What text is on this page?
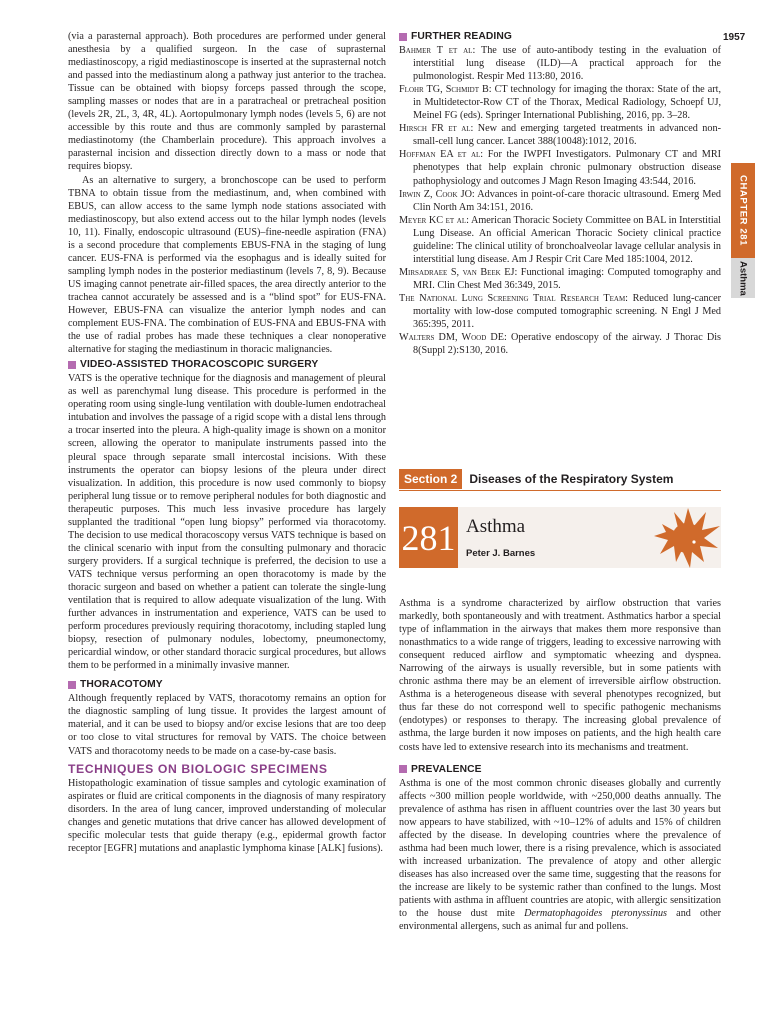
(via a parasternal approach). Both procedures are performed under general anesthesia by a qualified surgeon. In the case of suprasternal mediastinoscopy, a rigid mediastinoscope is inserted at the suprasternal notch and passed into the mediastinum along a pathway just anterior to the trachea. Tissue can be obtained with biopsy forceps passed through the scope, sampling masses or nodes that are in a paratracheal or pretracheal position (levels 2R, 2L, 3, 4R, 4L). Aortopulmonary lymph nodes (levels 5, 6) are not accessible by this route and thus are commonly sampled by parasternal mediastinotomy (the Chamberlain procedure). This approach involves a parasternal incision and dissection directly down to a mass or node that requires biopsy.

As an alternative to surgery, a bronchoscope can be used to perform TBNA to obtain tissue from the mediastinum, and, when combined with EBUS, can allow access to the same lymph node stations associated with mediastinoscopy, but also extend access out to the hilar lymph nodes (levels 10, 11). Finally, endoscopic ultrasound (EUS)–fine-needle aspiration (FNA) is a second procedure that complements EBUS-FNA in the staging of lung cancer. EUS-FNA is performed via the esophagus and is ideally suited for sampling lymph nodes in the posterior mediastinum (levels 7, 8, 9). Because US imaging cannot penetrate air-filled spaces, the area directly anterior to the trachea cannot accurately be assessed and is a “blind spot” for EUS-FNA. However, EBUS-FNA can visualize the anterior lymph nodes and can complement EUS-FNA. The combination of EUS-FNA and EBUS-FNA with the use of radial probes has made these techniques a clear nonoperative alternative for staging the mediastinum in thoracic malignancies.

VIDEO-ASSISTED THORACOSCOPIC SURGERY

VATS is the operative technique for the diagnosis and management of pleural as well as parenchymal lung disease. This procedure is performed in the operating room using single-lung ventilation with double-lumen endotracheal intubation and involves the passage of a rigid scope with a distal lens through a trocar inserted into the pleura. A high-quality image is shown on a monitor screen, allowing the operator to manipulate instruments passed into the pleural space through separate small intercostal incisions. With these instruments the operator can biopsy lesions of the pleura under direct visualization. In addition, this procedure is now used commonly to biopsy peripheral lung tissue or to remove peripheral nodules for both diagnostic and therapeutic purposes. This much less invasive procedure has largely supplanted the traditional “open lung biopsy” performed via thoracotomy. The decision to use medical thoracoscopy versus VATS technique is based on the clinical scenario with input from the consulting pulmonary and thoracic surgery providers. If a surgical technique is preferred, the decision to use a VATS technique versus performing an open thoracotomy is made by the thoracic surgeon and based on whether a patient can tolerate the single-lung ventilation that is required to allow adequate visualization of the lung. With further advances in instrumentation and experience, VATS can be used to perform procedures previously requiring thoracotomy, including stapled lung biopsy, resection of pulmonary nodules, lobectomy, pneumonectomy, pericardial window, or other standard thoracic surgical procedures, but allows them to be performed in a minimally invasive manner.

THORACOTOMY

Although frequently replaced by VATS, thoracotomy remains an option for the diagnostic sampling of lung tissue. It provides the largest amount of material, and it can be used to biopsy and/or excise lesions that are too deep or too close to vital structures for removal by VATS. The choice between VATS and thoracotomy needs to be made on a case-by-case basis.

TECHNIQUES ON BIOLOGIC SPECIMENS

Histopathologic examination of tissue samples and cytologic examination of aspirates or fluid are critical components in the diagnosis of many respiratory disorders. In the area of lung cancer, improved understanding of molecular changes and genetic mutations that drive cancer has allowed development of specific molecular tests that guide therapy (e.g., epidermal growth factor receptor [EGFR] mutations and anaplastic lymphoma kinase [ALK] fusions).

1957
CHAPTER 281
Asthma
FURTHER READING

Bahmer T et al: The use of auto-antibody testing in the evaluation of interstitial lung disease (ILD)—A practical approach for the pulmonologist. Respir Med 113:80, 2016.

Flohr TG, Schmidt B: CT technology for imaging the thorax: State of the art, in Multidetector-Row CT of the Thorax, Medical Radiology, Schoepf UJ, Meinel FG (eds). Springer International Publishing, 2016, pp. 3–28.

Hirsch FR et al: New and emerging targeted treatments in advanced non-small-cell lung cancer. Lancet 388(10048):1012, 2016.

Hoffman EA et al: For the IWPFI Investigators. Pulmonary CT and MRI phenotypes that help explain chronic pulmonary obstruction disease pathophysiology and outcomes J Magn Reson Imaging 43:544, 2016.

Irwin Z, Cook JO: Advances in point-of-care thoracic ultrasound. Emerg Med Clin North Am 34:151, 2016.

Meyer KC et al: American Thoracic Society Committee on BAL in Interstitial Lung Disease. An official American Thoracic Society clinical practice guideline: The clinical utility of bronchoalveolar lavage cellular analysis in interstitial lung disease. Am J Respir Crit Care Med 185:1004, 2012.

Mirsadraee S, van Beek EJ: Functional imaging: Computed tomography and MRI. Clin Chest Med 36:349, 2015.

The National Lung Screening Trial Research Team: Reduced lung-cancer mortality with low-dose computed tomographic screening. N Engl J Med 365:395, 2011.

Walters DM, Wood DE: Operative endoscopy of the airway. J Thorac Dis 8(Suppl 2):S130, 2016.

Section 2	Diseases of the Respiratory System
281 Asthma
Peter J. Barnes

Asthma is a syndrome characterized by airflow obstruction that varies markedly, both spontaneously and with treatment. Asthmatics harbor a special type of inflammation in the airways that makes them more responsive than nonasthmatics to a wide range of triggers, leading to excessive narrowing with consequent reduced airflow and symptomatic wheezing and dyspnea. Narrowing of the airways is usually reversible, but in some patients with chronic asthma there may be an element of irreversible airflow obstruction. Asthma is a heterogeneous disease with several phenotypes recognized, but thus far these do not correspond well to specific pathogenic mechanisms (endotypes) or responses to therapy. The increasing global prevalence of asthma, the large burden it now imposes on patients, and the high health care costs have led to extensive research into its mechanisms and treatment.

PREVALENCE

Asthma is one of the most common chronic diseases globally and currently affects ~300 million people worldwide, with ~250,000 deaths annually. The prevalence of asthma has risen in affluent countries over the last 30 years but now appears to have stabilized, with ~10–12% of adults and 15% of children affected by the disease. In developing countries where the prevalence of asthma had been much lower, there is a rising prevalence, which is associated with increased urbanization. The prevalence of atopy and other allergic diseases has also increased over the same time, suggesting that the reasons for the increase are likely to be systemic rather than confined to the lungs. Most patients with asthma in affluent countries are atopic, with allergic sensitization to the house dust mite Dermatophagoides pteronyssinus and other environmental allergens, such as animal fur and pollens.
